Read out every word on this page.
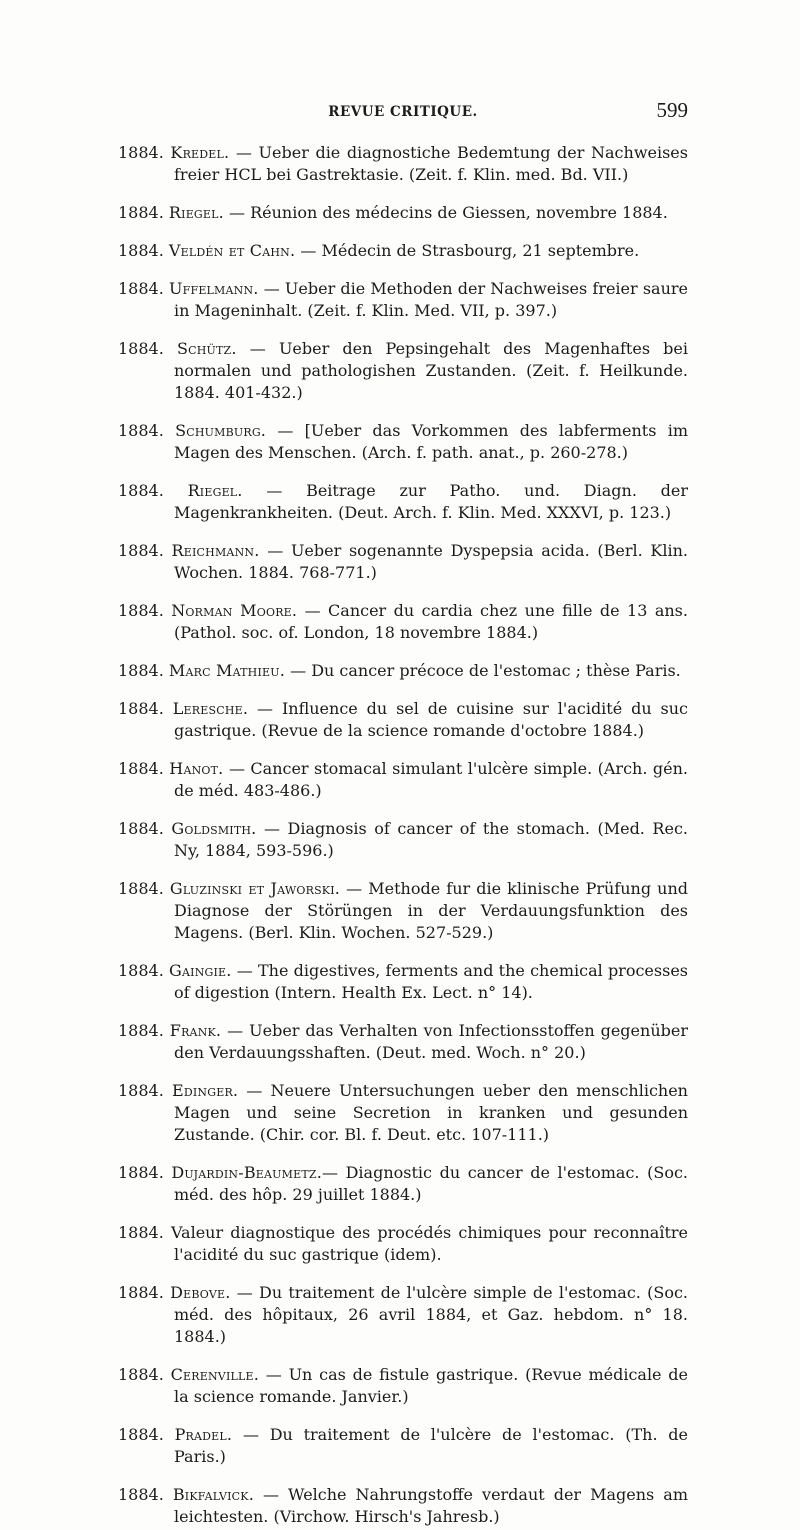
REVUE CRITIQUE.	599

1884. Kredel. — Ueber die diagnostiche Bedemtung der Nachweises freier HCL bei Gastrektasie. (Zeit. f. Klin. med. Bd. VII.)

1884. Riegel. — Réunion des médecins de Giessen, novembre 1884.

1884. Veldén et Cahn. — Médecin de Strasbourg, 21 septembre.

1884. Uffelmann. — Ueber die Methoden der Nachweises freier saure in Mageninhalt. (Zeit. f. Klin. Med. VII, p. 397.)

1884. Schütz. — Ueber den Pepsingehalt des Magenhaftes bei normalen und pathologishen Zustanden. (Zeit. f. Heilkunde. 1884. 401-432.)

1884. Schumburg. — [Ueber das Vorkommen des labferments im Magen des Menschen. (Arch. f. path. anat., p. 260-278.)

1884. Riegel. — Beitrage zur Patho. und. Diagn. der Magenkrankheiten. (Deut. Arch. f. Klin. Med. XXXVI, p. 123.)

1884. Reichmann. — Ueber sogenannte Dyspepsia acida. (Berl. Klin. Wochen. 1884. 768-771.)

1884. Norman Moore. — Cancer du cardia chez une fille de 13 ans. (Pathol. soc. of. London, 18 novembre 1884.)

1884. Marc Mathieu. — Du cancer précoce de l'estomac ; thèse Paris.

1884. Leresche. — Influence du sel de cuisine sur l'acidité du suc gastrique. (Revue de la science romande d'octobre 1884.)

1884. Hanot. — Cancer stomacal simulant l'ulcère simple. (Arch. gén. de méd. 483-486.)

1884. Goldsmith. — Diagnosis of cancer of the stomach. (Med. Rec. Ny, 1884, 593-596.)

1884. Gluzinski et Jaworski. — Methode fur die klinische Prüfung und Diagnose der Störüngen in der Verdauungsfunktion des Magens. (Berl. Klin. Wochen. 527-529.)

1884. Gaingie. — The digestives, ferments and the chemical processes of digestion (Intern. Health Ex. Lect. n° 14).

1884. Frank. — Ueber das Verhalten von Infectionsstoffen gegenüber den Verdauungsshaften. (Deut. med. Woch. n° 20.)

1884. Edinger. — Neuere Untersuchungen ueber den menschlichen Magen und seine Secretion in kranken und gesunden Zustande. (Chir. cor. Bl. f. Deut. etc. 107-111.)

1884. Dujardin-Beaumetz.— Diagnostic du cancer de l'estomac. (Soc. méd. des hôp. 29 juillet 1884.)

1884. Valeur diagnostique des procédés chimiques pour reconnaître l'acidité du suc gastrique (idem).

1884. Debove. — Du traitement de l'ulcère simple de l'estomac. (Soc. méd. des hôpitaux, 26 avril 1884, et Gaz. hebdom. n° 18. 1884.)

1884. Cerenville. — Un cas de fistule gastrique. (Revue médicale de la science romande. Janvier.)

1884. Pradel. — Du traitement de l'ulcère de l'estomac. (Th. de Paris.)

1884. Bikfalvick. — Welche Nahrungstoffe verdaut der Magens am leichtesten. (Virchow. Hirsch's Jahresb.)
